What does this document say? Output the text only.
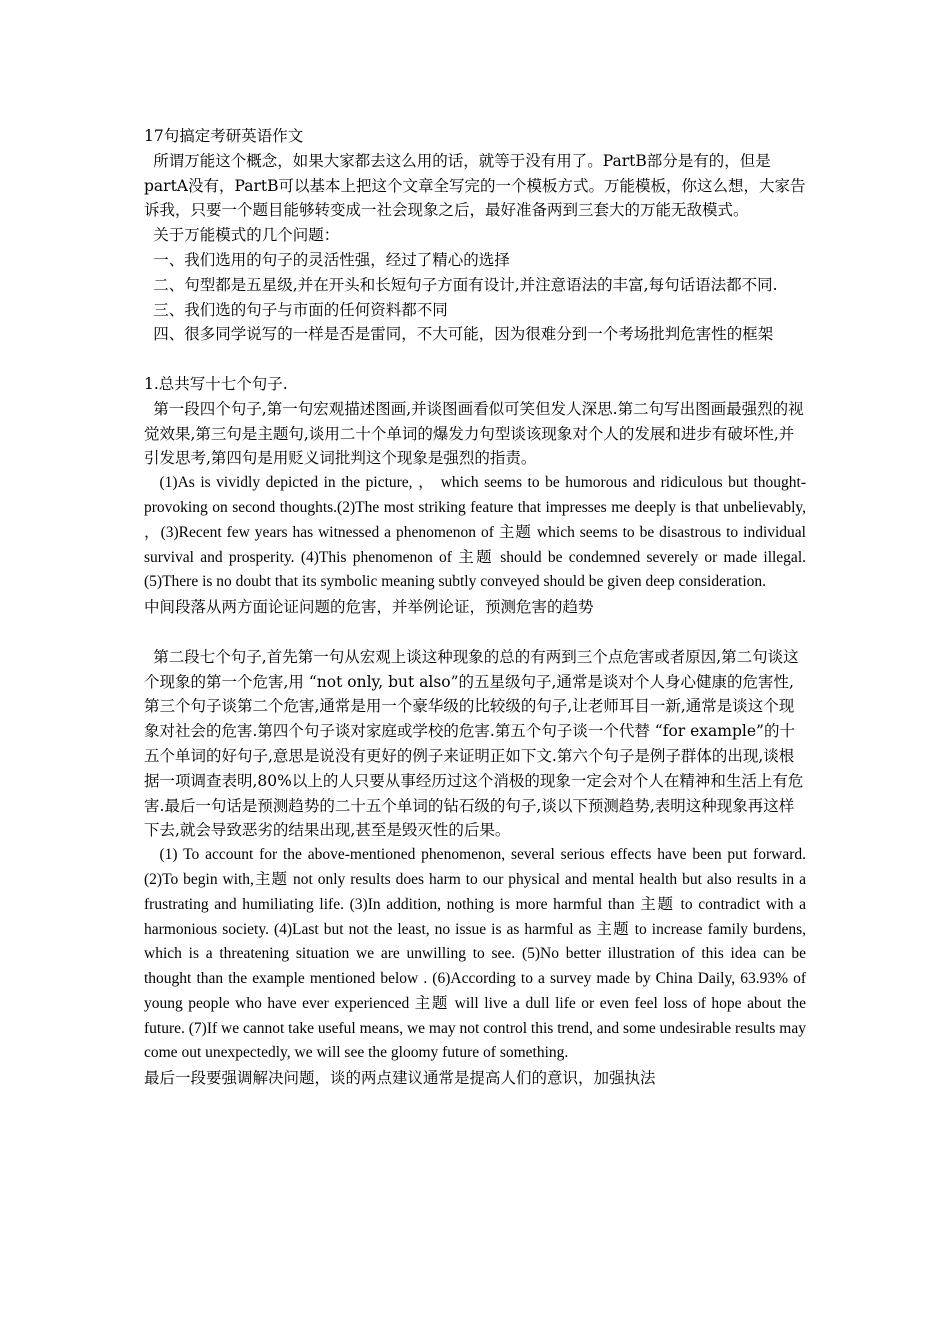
17句搞定考研英语作文

所谓万能这个概念，如果大家都去这么用的话，就等于没有用了。PartB部分是有的，但是partA没有，PartB可以基本上把这个文章全写完的一个模板方式。万能模板，你这么想，大家告诉我，只要一个题目能够转变成一社会现象之后，最好准备两到三套大的万能无敌模式。

关于万能模式的几个问题：

一、我们选用的句子的灵活性强，经过了精心的选择

二、句型都是五星级,并在开头和长短句子方面有设计,并注意语法的丰富,每句话语法都不同.

三、我们选的句子与市面的任何资料都不同

四、很多同学说写的一样是否是雷同，不大可能，因为很难分到一个考场批判危害性的框架

1.总共写十七个句子.

第一段四个句子,第一句宏观描述图画,并谈图画看似可笑但发人深思.第二句写出图画最强烈的视觉效果,第三句是主题句,谈用二十个单词的爆发力句型谈该现象对个人的发展和进步有破坏性,并引发思考,第四句是用贬义词批判这个现象是强烈的指责。

(1)As is vividly depicted in the picture, ， which seems to be humorous and ridiculous but thought-provoking on second thoughts.(2)The most striking feature that impresses me deeply is that unbelievably, ，(3)Recent few years has witnessed a phenomenon of 主题 which seems to be disastrous to individual survival and prosperity. (4)This phenomenon of 主题 should be condemned severely or made illegal. (5)There is no doubt that its symbolic meaning subtly conveyed should be given deep consideration.

中间段落从两方面论证问题的危害，并举例论证，预测危害的趋势

第二段七个句子,首先第一句从宏观上谈这种现象的总的有两到三个点危害或者原因,第二句谈这个现象的第一个危害,用 “not only, but also”的五星级句子,通常是谈对个人身心健康的危害性, 第三个句子谈第二个危害,通常是用一个豪华级的比较级的句子,让老师耳目一新,通常是谈这个现象对社会的危害.第四个句子谈对家庭或学校的危害.第五个句子谈一个代替 “for example”的十五个单词的好句子,意思是说没有更好的例子来证明正如下文.第六个句子是例子群体的出现,谈根据一项调查表明,80%以上的人只要从事经历过这个消极的现象一定会对个人在精神和生活上有危害.最后一句话是预测趋势的二十五个单词的钻石级的句子,谈以下预测趋势,表明这种现象再这样下去,就会导致恶劣的结果出现,甚至是毁灭性的后果。

(1) To account for the above-mentioned phenomenon, several serious effects have been put forward. (2)To begin with,主题 not only results does harm to our physical and mental health but also results in a frustrating and humiliating life. (3)In addition, nothing is more harmful than 主题 to contradict with a harmonious society. (4)Last but not the least, no issue is as harmful as 主题 to increase family burdens, which is a threatening situation we are unwilling to see. (5)No better illustration of this idea can be thought than the example mentioned below . (6)According to a survey made by China Daily, 63.93% of young people who have ever experienced 主题 will live a dull life or even feel loss of hope about the future. (7)If we cannot take useful means, we may not control this trend, and some undesirable results may come out unexpectedly, we will see the gloomy future of something.

最后一段要强调解决问题，谈的两点建议通常是提高人们的意识，加强执法
